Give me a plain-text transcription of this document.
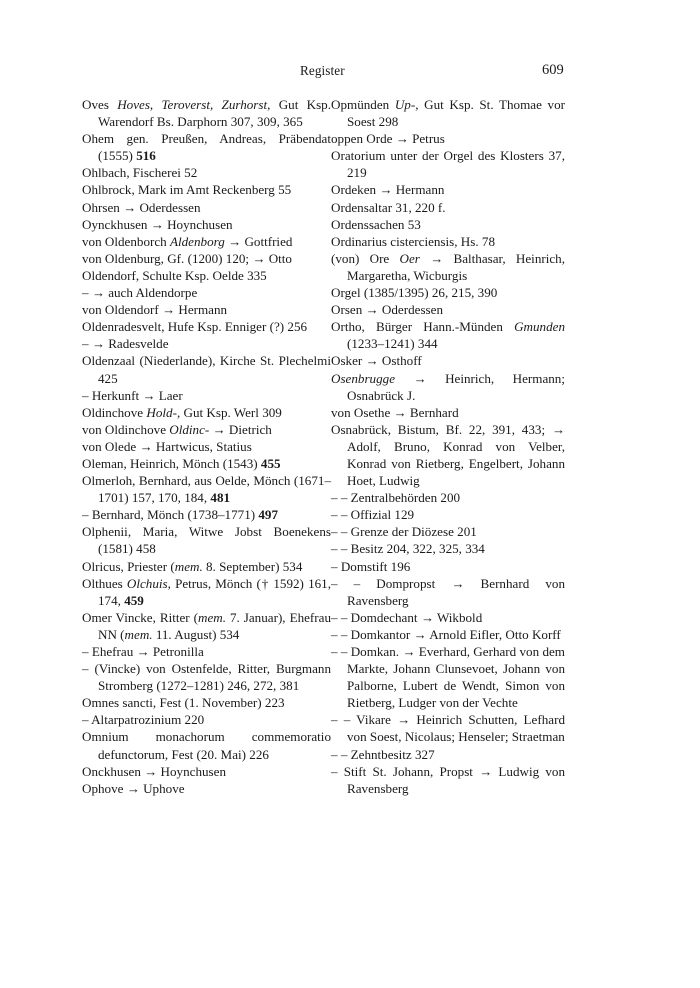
Register	609
Oves Hoves, Teroverst, Zurhorst, Gut Ksp. Warendorf Bs. Darphorn 307, 309, 365
Ohem gen. Preußen, Andreas, Präbendat (1555) 516
Ohlbach, Fischerei 52
Ohlbrock, Mark im Amt Reckenberg 55
Ohrsen → Oderdessen
Oynckhusen → Hoynchusen
von Oldenborch Aldenborg → Gottfried
von Oldenburg, Gf. (1200) 120; → Otto
Oldendorf, Schulte Ksp. Oelde 335
– → auch Aldendorpe
von Oldendorf → Hermann
Oldenradesvelt, Hufe Ksp. Enniger (?) 256
– → Radesvelde
Oldenzaal (Niederlande), Kirche St. Plechelmi 425
– Herkunft → Laer
Oldinchove Hold-, Gut Ksp. Werl 309
von Oldinchove Oldinc- → Dietrich
von Olede → Hartwicus, Statius
Oleman, Heinrich, Mönch (1543) 455
Olmerloh, Bernhard, aus Oelde, Mönch (1671–1701) 157, 170, 184, 481
– Bernhard, Mönch (1738–1771) 497
Olphenii, Maria, Witwe Jobst Boenekens (1581) 458
Olricus, Priester (mem. 8. September) 534
Olthues Olchuis, Petrus, Mönch († 1592) 161, 174, 459
Omer Vincke, Ritter (mem. 7. Januar), Ehefrau NN (mem. 11. August) 534
– Ehefrau → Petronilla
– (Vincke) von Ostenfelde, Ritter, Burgmann Stromberg (1272–1281) 246, 272, 381
Omnes sancti, Fest (1. November) 223
– Altarpatrozinium 220
Omnium monachorum commemoratio defunctorum, Fest (20. Mai) 226
Onckhusen → Hoynchusen
Ophove → Uphove
Opmünden Up-, Gut Ksp. St. Thomae vor Soest 298
oppen Orde → Petrus
Oratorium unter der Orgel des Klosters 37, 219
Ordeken → Hermann
Ordensaltar 31, 220 f.
Ordenssachen 53
Ordinarius cisterciensis, Hs. 78
(von) Ore Oer → Balthasar, Heinrich, Margaretha, Wicburgis
Orgel (1385/1395) 26, 215, 390
Orsen → Oderdessen
Ortho, Bürger Hann.-Münden Gmunden (1233–1241) 344
Osker → Osthoff
Osenbrugge → Heinrich, Hermann; Osnabrück J.
von Osethe → Bernhard
Osnabrück, Bistum, Bf. 22, 391, 433; → Adolf, Bruno, Konrad von Velber, Konrad von Rietberg, Engelbert, Johann Hoet, Ludwig
– – Zentralbehörden 200
– – Offizial 129
– – Grenze der Diözese 201
– – Besitz 204, 322, 325, 334
– Domstift 196
– – Dompropst → Bernhard von Ravensberg
– – Domdechant → Wikbold
– – Domkantor → Arnold Eifler, Otto Korff
– – Domkan. → Everhard, Gerhard von dem Markte, Johann Clunsevoet, Johann von Palborne, Lubert de Wendt, Simon von Rietberg, Ludger von der Vechte
– – Vikare → Heinrich Schutten, Lefhard von Soest, Nicolaus; Henseler; Straetman
– – Zehntbesitz 327
– Stift St. Johann, Propst → Ludwig von Ravensberg
